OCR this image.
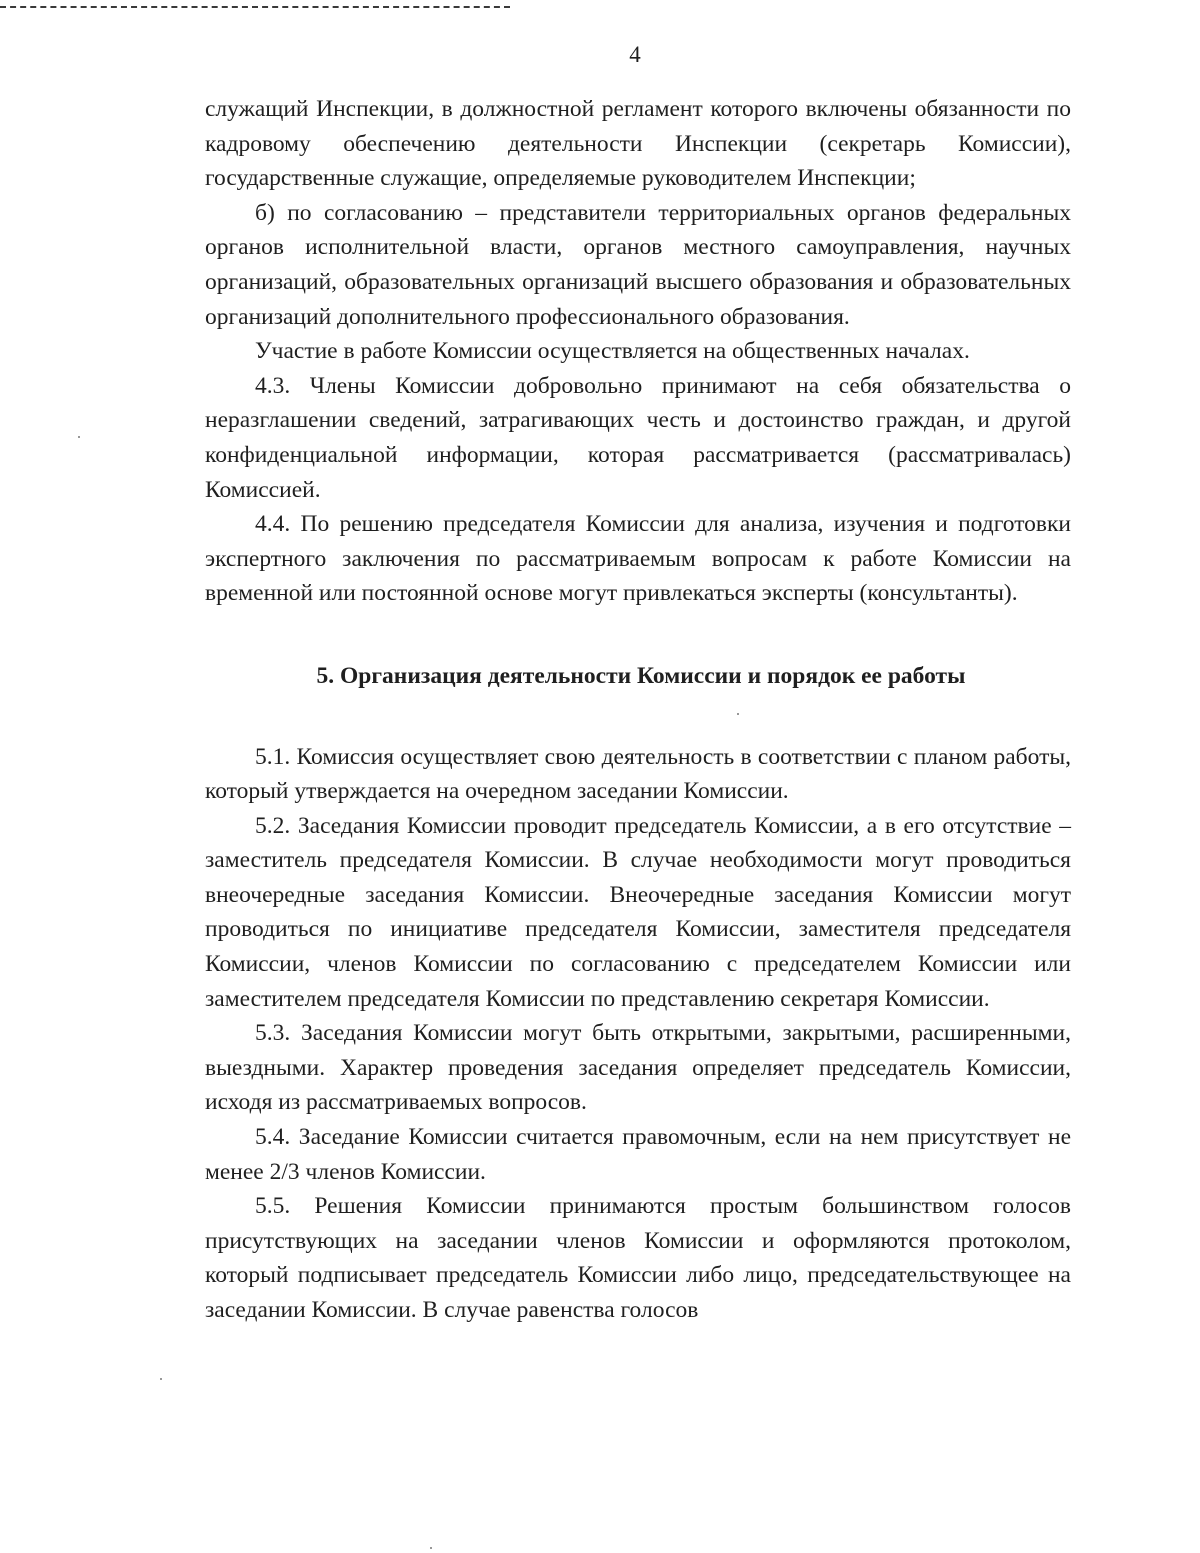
4

служащий Инспекции, в должностной регламент которого включены обязанности по кадровому обеспечению деятельности Инспекции (секретарь Комиссии), государственные служащие, определяемые руководителем Инспекции;

б) по согласованию – представители территориальных органов федеральных органов исполнительной власти, органов местного самоуправления, научных организаций, образовательных организаций высшего образования и образовательных организаций дополнительного профессионального образования.

Участие в работе Комиссии осуществляется на общественных началах.

4.3. Члены Комиссии добровольно принимают на себя обязательства о неразглашении сведений, затрагивающих честь и достоинство граждан, и другой конфиденциальной информации, которая рассматривается (рассматривалась) Комиссией.

4.4. По решению председателя Комиссии для анализа, изучения и подготовки экспертного заключения по рассматриваемым вопросам к работе Комиссии на временной или постоянной основе могут привлекаться эксперты (консультанты).

5. Организация деятельности Комиссии и порядок ее работы

5.1. Комиссия осуществляет свою деятельность в соответствии с планом работы, который утверждается на очередном заседании Комиссии.

5.2. Заседания Комиссии проводит председатель Комиссии, а в его отсутствие – заместитель председателя Комиссии. В случае необходимости могут проводиться внеочередные заседания Комиссии. Внеочередные заседания Комиссии могут проводиться по инициативе председателя Комиссии, заместителя председателя Комиссии, членов Комиссии по согласованию с председателем Комиссии или заместителем председателя Комиссии по представлению секретаря Комиссии.

5.3. Заседания Комиссии могут быть открытыми, закрытыми, расширенными, выездными. Характер проведения заседания определяет председатель Комиссии, исходя из рассматриваемых вопросов.

5.4. Заседание Комиссии считается правомочным, если на нем присутствует не менее 2/3 членов Комиссии.

5.5. Решения Комиссии принимаются простым большинством голосов присутствующих на заседании членов Комиссии и оформляются протоколом, который подписывает председатель Комиссии либо лицо, председательствующее на заседании Комиссии. В случае равенства голосов
